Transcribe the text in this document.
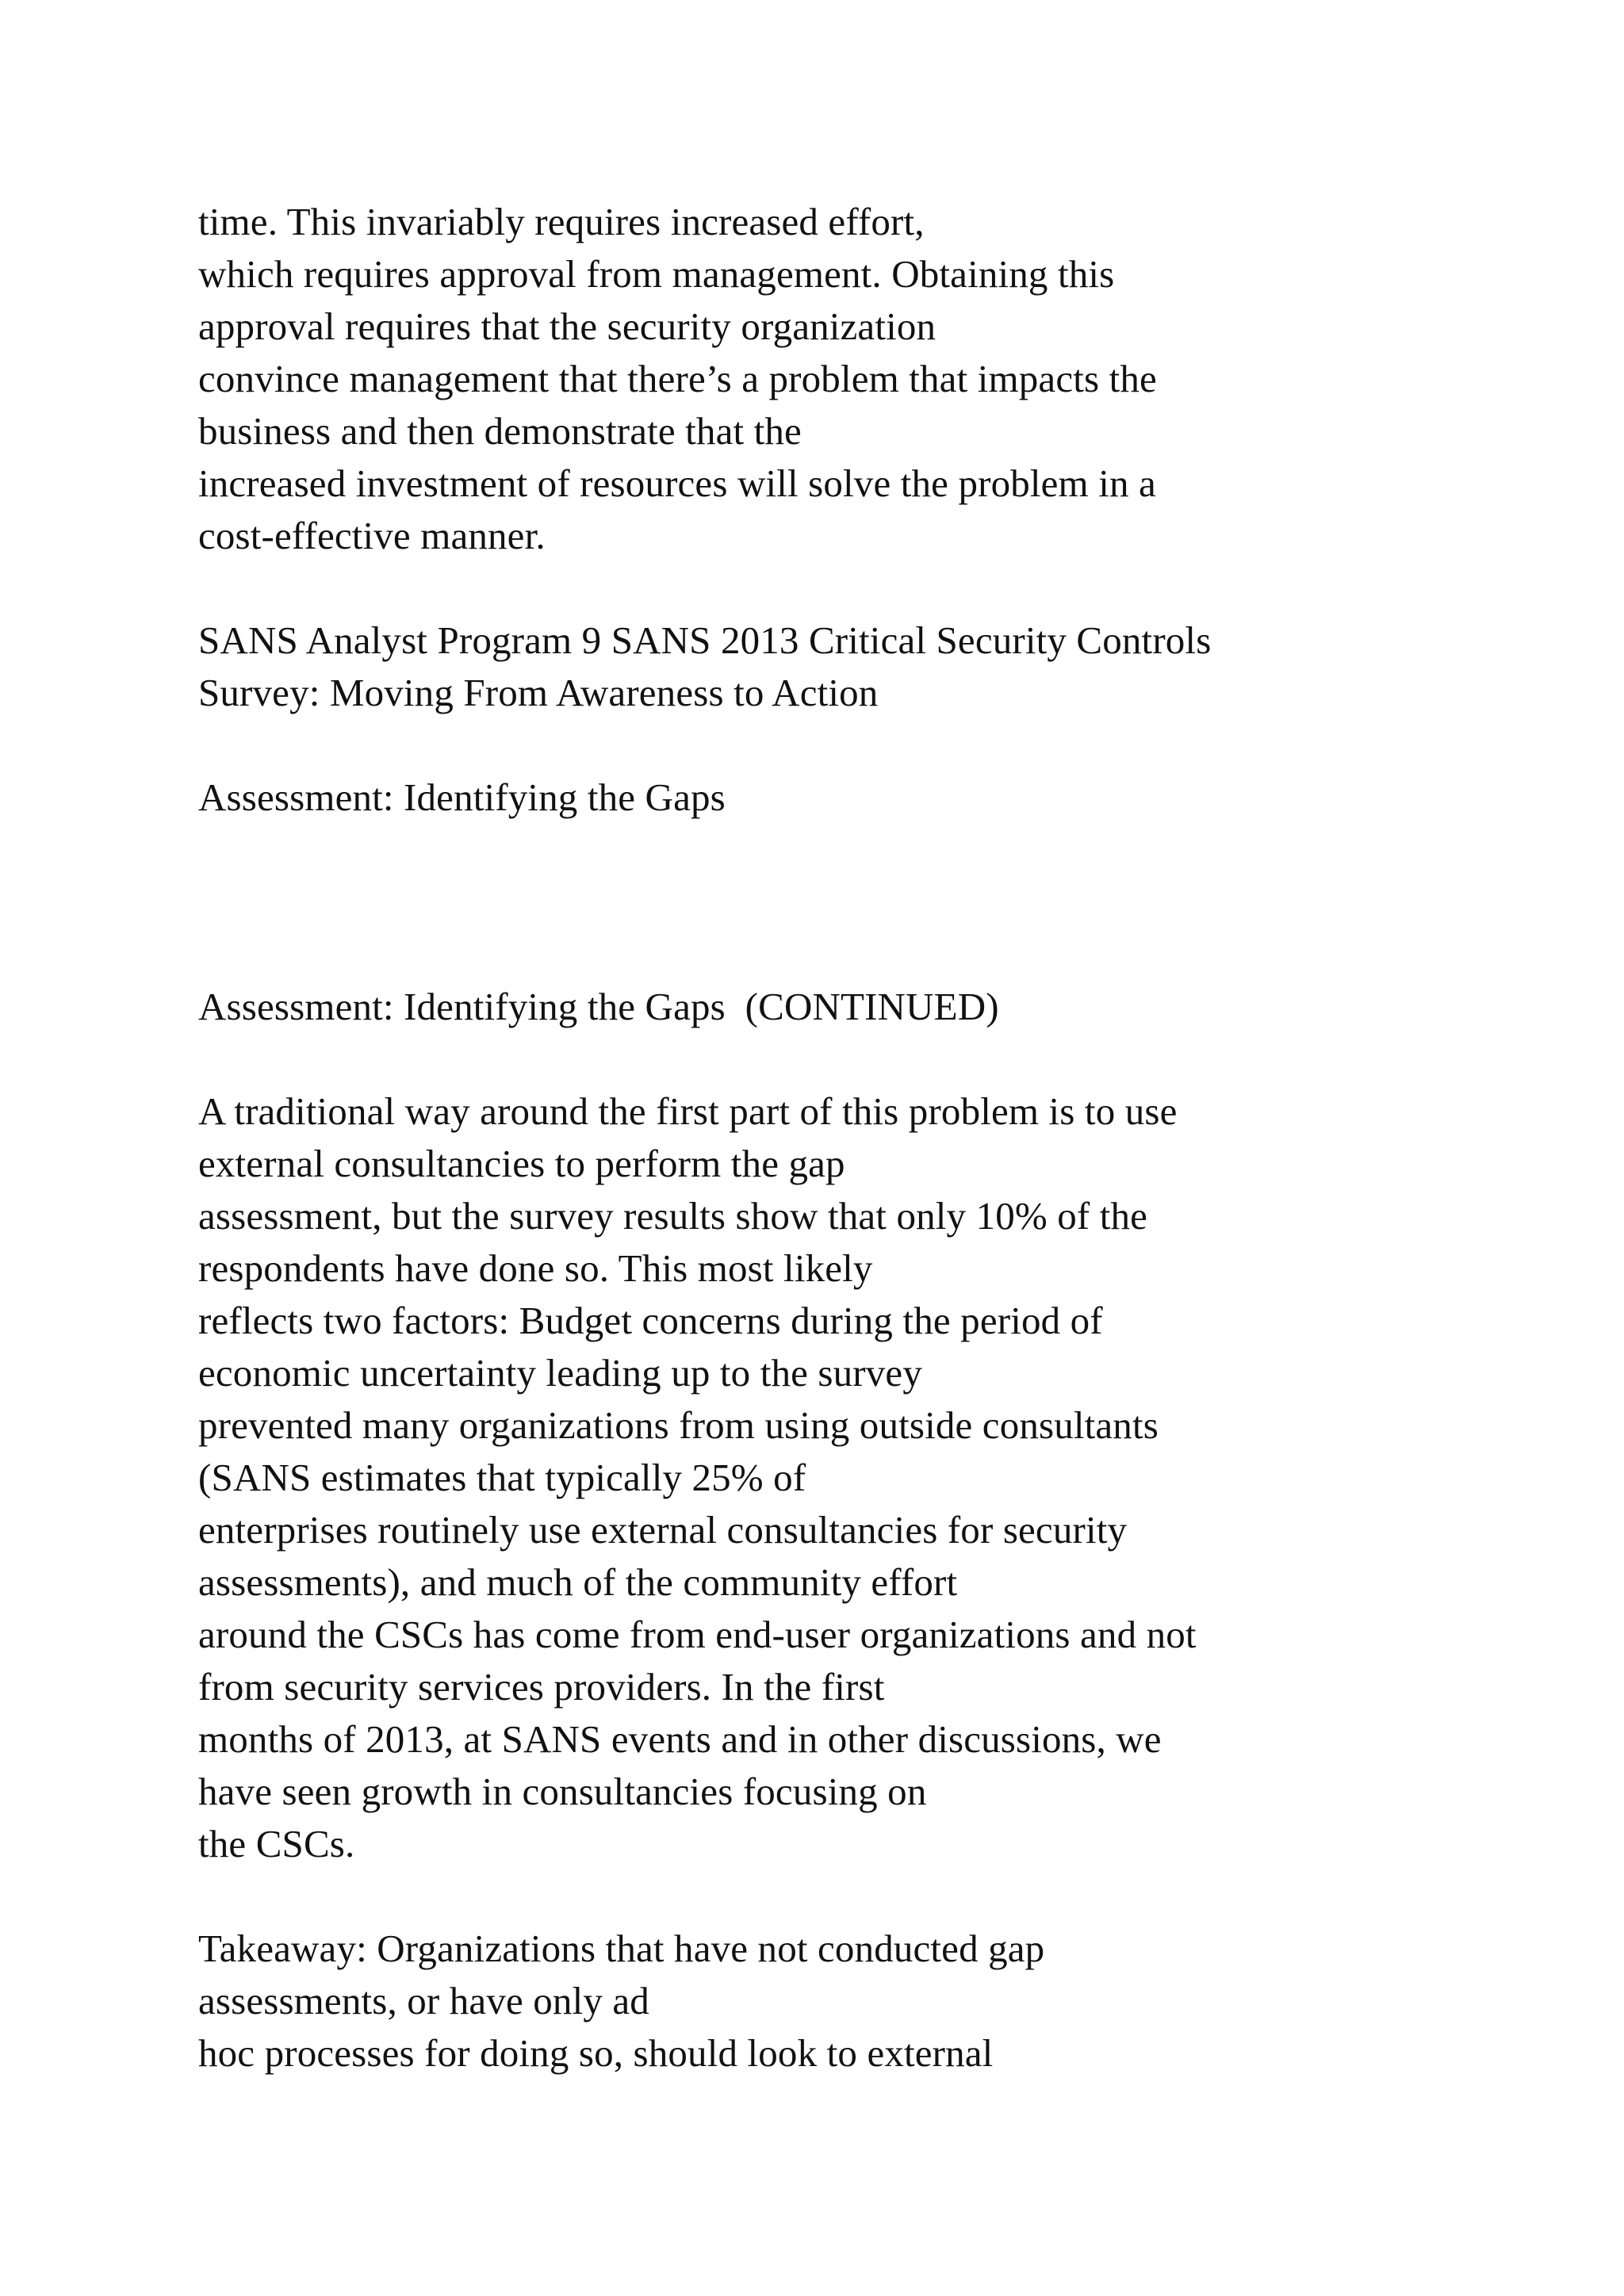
time. This invariably requires increased effort,
which requires approval from management. Obtaining this
approval requires that the security organization
convince management that there’s a problem that impacts the
business and then demonstrate that the
increased investment of resources will solve the problem in a
cost-effective manner.
SANS Analyst Program 9 SANS 2013 Critical Security Controls
Survey: Moving From Awareness to Action
Assessment: Identifying the Gaps
Assessment: Identifying the Gaps  (CONTINUED)
A traditional way around the first part of this problem is to use
external consultancies to perform the gap
assessment, but the survey results show that only 10% of the
respondents have done so. This most likely
reflects two factors: Budget concerns during the period of
economic uncertainty leading up to the survey
prevented many organizations from using outside consultants
(SANS estimates that typically 25% of
enterprises routinely use external consultancies for security
assessments), and much of the community effort
around the CSCs has come from end-user organizations and not
from security services providers. In the first
months of 2013, at SANS events and in other discussions, we
have seen growth in consultancies focusing on
the CSCs.
Takeaway: Organizations that have not conducted gap
assessments, or have only ad
hoc processes for doing so, should look to external
